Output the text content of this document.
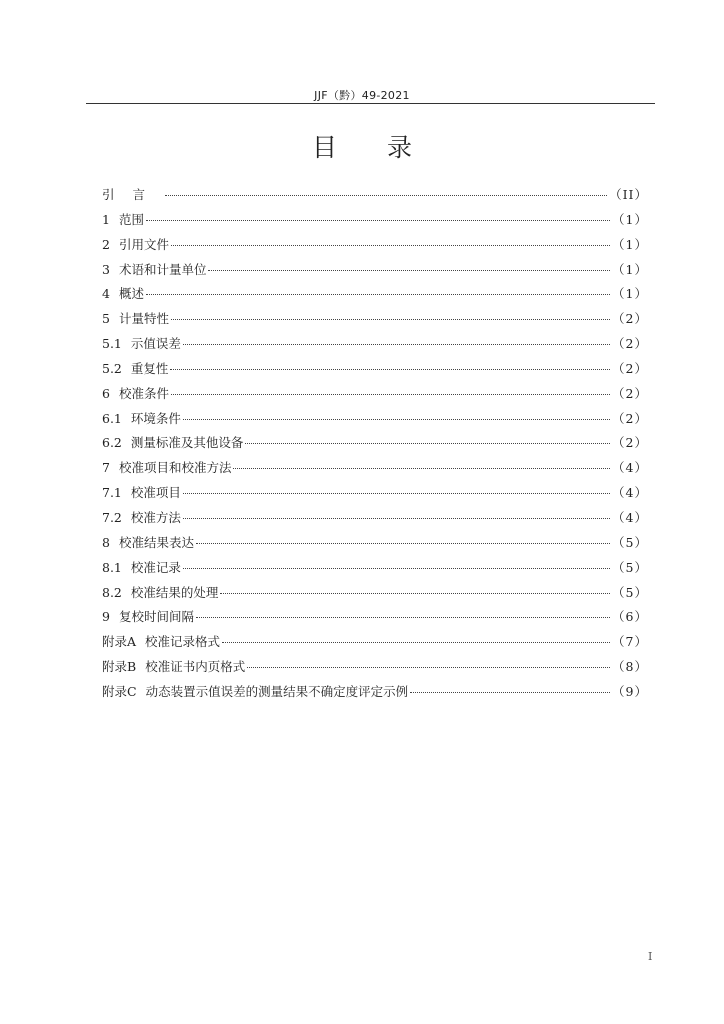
JJF（黔）49-2021
目 录
引言	（II）
1 范围	（1）
2 引用文件	（1）
3 术语和计量单位	（1）
4 概述	（1）
5 计量特性	（2）
5.1 示值误差	（2）
5.2 重复性	（2）
6 校准条件	（2）
6.1 环境条件	（2）
6.2 测量标准及其他设备	（2）
7 校准项目和校准方法	（4）
7.1 校准项目	（4）
7.2 校准方法	（4）
8 校准结果表达	（5）
8.1 校准记录	（5）
8.2 校准结果的处理	（5）
9 复校时间间隔	（6）
附录A 校准记录格式	（7）
附录B 校准证书内页格式	（8）
附录C 动态装置示值误差的测量结果不确定度评定示例	（9）
I
